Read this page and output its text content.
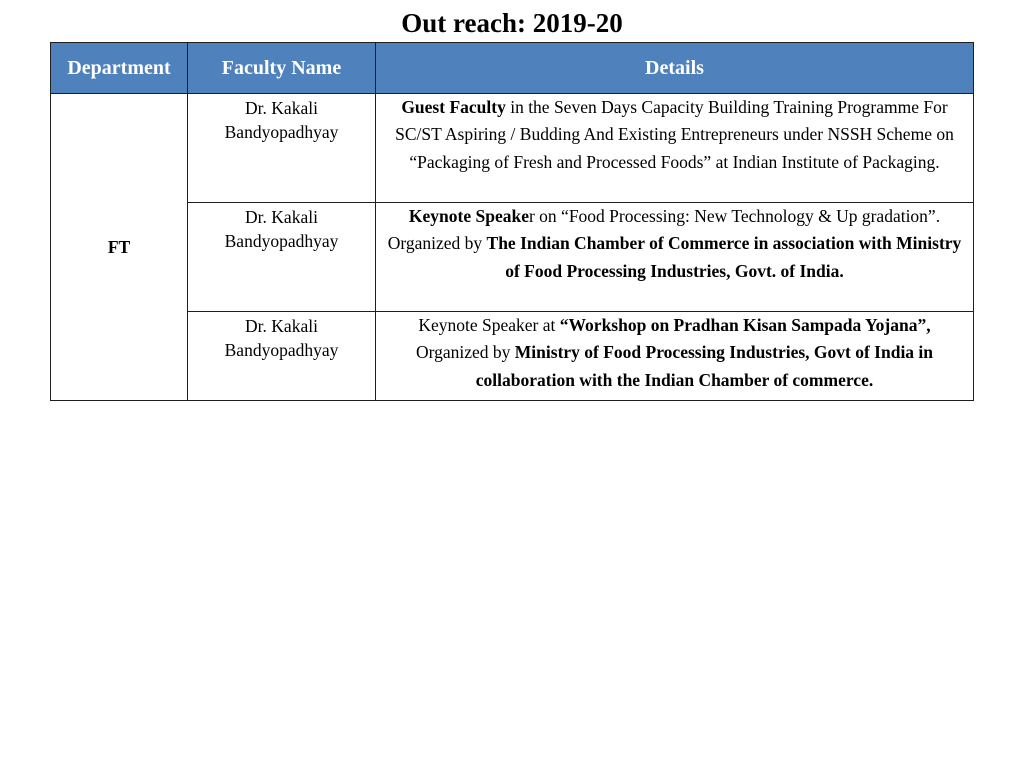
Out reach: 2019-20
Department	Faculty Name	Details
FT	Dr. Kakali Bandyopadhyay	Guest Faculty in the Seven Days Capacity Building Training Programme For SC/ST Aspiring / Budding And Existing Entrepreneurs under NSSH Scheme on “Packaging of Fresh and Processed Foods” at Indian Institute of Packaging.
	Dr. Kakali Bandyopadhyay	Keynote Speaker on “Food Processing: New Technology & Up gradation”. Organized by The Indian Chamber of Commerce in association with Ministry of Food Processing Industries, Govt. of India.
	Dr. Kakali Bandyopadhyay	Keynote Speaker at “Workshop on Pradhan Kisan Sampada Yojana”, Organized by Ministry of Food Processing Industries, Govt of India in collaboration with the Indian Chamber of commerce.
